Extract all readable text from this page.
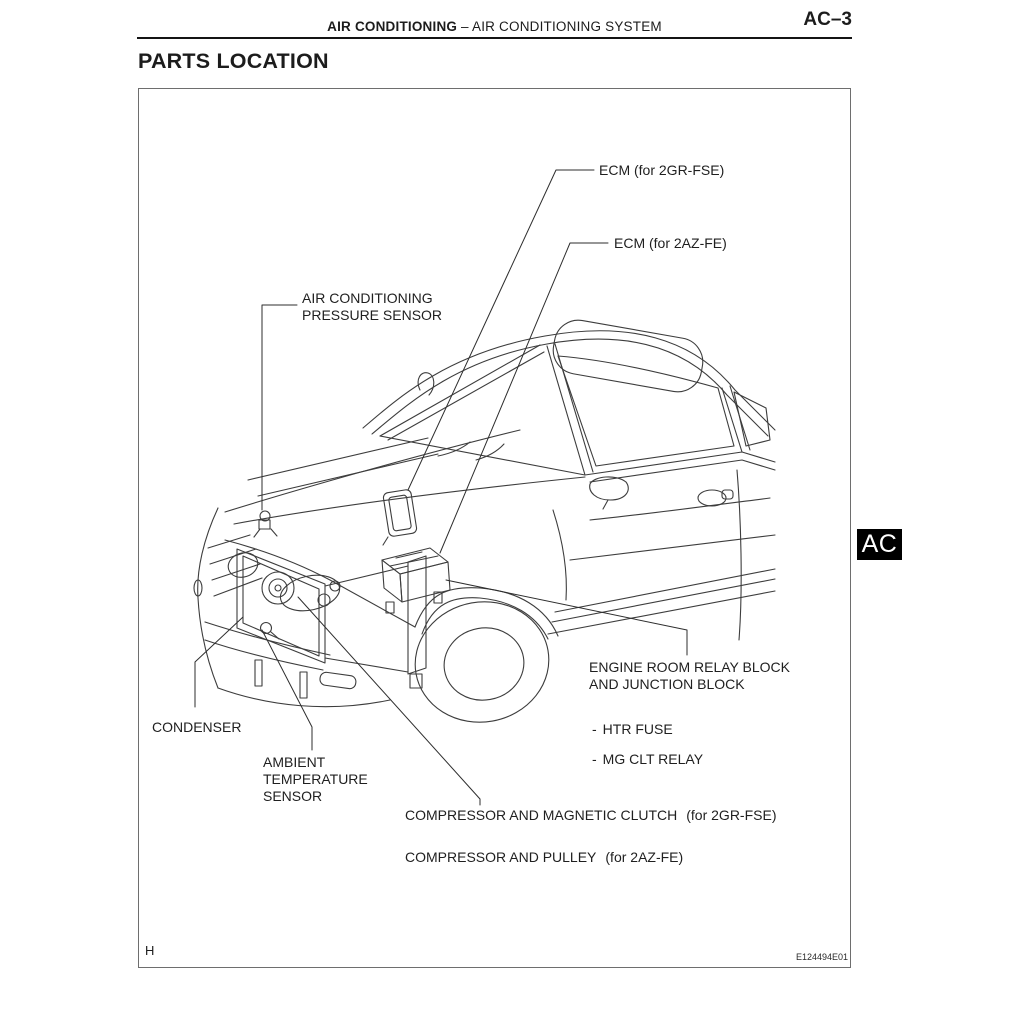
AIR CONDITIONING – AIR CONDITIONING SYSTEM	AC–3
PARTS LOCATION
ECM (for 2GR-FSE)
ECM (for 2AZ-FE)
AIR CONDITIONING
PRESSURE SENSOR
ENGINE ROOM RELAY BLOCK
AND JUNCTION BLOCK
- HTR FUSE
- MG CLT RELAY
CONDENSER
AMBIENT
TEMPERATURE
SENSOR
COMPRESSOR AND MAGNETIC CLUTCH (for 2GR-FSE)
COMPRESSOR AND PULLEY (for 2AZ-FE)
AC
H	E124494E01
